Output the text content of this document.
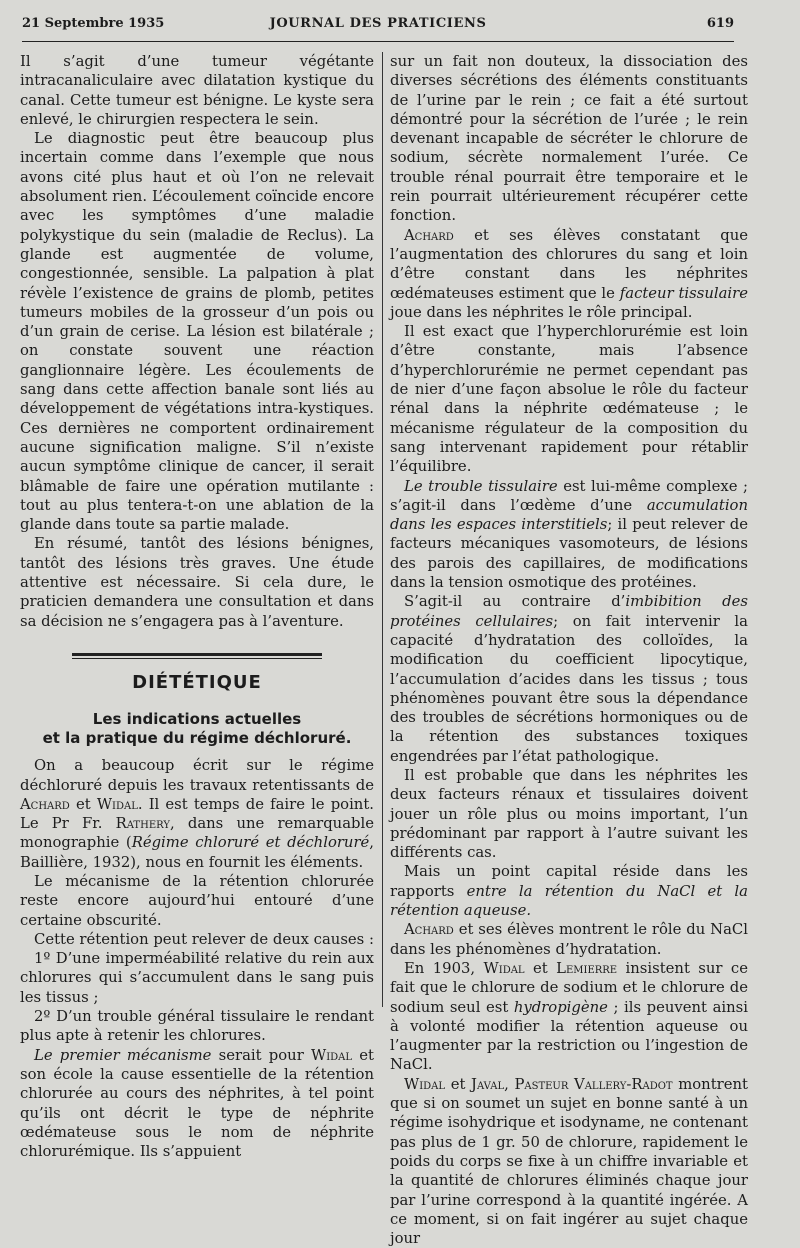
21 Septembre 1935	JOURNAL DES PRATICIENS	619

Il s’agit d’une tumeur végétante intracanaliculaire avec dilatation kystique du canal. Cette tumeur est bénigne. Le kyste sera enlevé, le chirurgien respectera le sein.

Le diagnostic peut être beaucoup plus incertain comme dans l’exemple que nous avons cité plus haut et où l’on ne relevait absolument rien. L’écoulement coïncide encore avec les symptômes d’une maladie polykystique du sein (maladie de Reclus). La glande est augmentée de volume, congestionnée, sensible. La palpation à plat révèle l’existence de grains de plomb, petites tumeurs mobiles de la grosseur d’un pois ou d’un grain de cerise. La lésion est bilatérale ; on constate souvent une réaction ganglionnaire légère. Les écoulements de sang dans cette affection banale sont liés au développement de végétations intra-kystiques. Ces dernières ne comportent ordinairement aucune signification maligne. S’il n’existe aucun symptôme clinique de cancer, il serait blâmable de faire une opération mutilante : tout au plus tentera-t-on une ablation de la glande dans toute sa partie malade.

En résumé, tantôt des lésions bénignes, tantôt des lésions très graves. Une étude attentive est nécessaire. Si cela dure, le praticien demandera une consultation et dans sa décision ne s’engagera pas à l’aventure.

DIÉTÉTIQUE
Les indications actuelles
et la pratique du régime déchloruré.

On a beaucoup écrit sur le régime déchloruré depuis les travaux retentissants de Achard et Widal. Il est temps de faire le point. Le Pr Fr. Rathery, dans une remarquable monographie (Régime chloruré et déchloruré, Baillière, 1932), nous en fournit les éléments.

Le mécanisme de la rétention chlorurée reste encore aujourd’hui entouré d’une certaine obscurité.

Cette rétention peut relever de deux causes :

1º D’une imperméabilité relative du rein aux chlorures qui s’accumulent dans le sang puis les tissus ;

2º D’un trouble général tissulaire le rendant plus apte à retenir les chlorures.

Le premier mécanisme serait pour Widal et son école la cause essentielle de la rétention chlorurée au cours des néphrites, à tel point qu’ils ont décrit le type de néphrite œdémateuse sous le nom de néphrite chlorurémique. Ils s’appuient

sur un fait non douteux, la dissociation des diverses sécrétions des éléments constituants de l’urine par le rein ; ce fait a été surtout démontré pour la sécrétion de l’urée ; le rein devenant incapable de sécréter le chlorure de sodium, sécrète normalement l’urée. Ce trouble rénal pourrait être temporaire et le rein pourrait ultérieurement récupérer cette fonction.

Achard et ses élèves constatant que l’augmentation des chlorures du sang et loin d’être constant dans les néphrites œdémateuses estiment que le facteur tissulaire joue dans les néphrites le rôle principal.

Il est exact que l’hyperchlorurémie est loin d’être constante, mais l’absence d’hyperchlorurémie ne permet cependant pas de nier d’une façon absolue le rôle du facteur rénal dans la néphrite œdémateuse ; le mécanisme régulateur de la composition du sang intervenant rapidement pour rétablir l’équilibre.

Le trouble tissulaire est lui-même complexe ; s’agit-il dans l’œdème d’une accumulation dans les espaces interstitiels; il peut relever de facteurs mécaniques vasomoteurs, de lésions des parois des capillaires, de modifications dans la tension osmotique des protéines.

S’agit-il au contraire d’imbibition des protéines cellulaires; on fait intervenir la capacité d’hydratation des colloïdes, la modification du coefficient lipocytique, l’accumulation d’acides dans les tissus ; tous phénomènes pouvant être sous la dépendance des troubles de sécrétions hormoniques ou de la rétention des substances toxiques engendrées par l’état pathologique.

Il est probable que dans les néphrites les deux facteurs rénaux et tissulaires doivent jouer un rôle plus ou moins important, l’un prédominant par rapport à l’autre suivant les différents cas.

Mais un point capital réside dans les rapports entre la rétention du NaCl et la rétention aqueuse.

Achard et ses élèves montrent le rôle du NaCl dans les phénomènes d’hydratation.

En 1903, Widal et Lemierre insistent sur ce fait que le chlorure de sodium et le chlorure de sodium seul est hydropigène ; ils peuvent ainsi à volonté modifier la rétention aqueuse ou l’augmenter par la restriction ou l’ingestion de NaCl.

Widal et Javal, Pasteur Vallery-Radot montrent que si on soumet un sujet en bonne santé à un régime isohydrique et isodyname, ne contenant pas plus de 1 gr. 50 de chlorure, rapidement le poids du corps se fixe à un chiffre invariable et la quantité de chlorures éliminés chaque jour par l’urine correspond à la quantité ingérée. A ce moment, si on fait ingérer au sujet chaque jour
